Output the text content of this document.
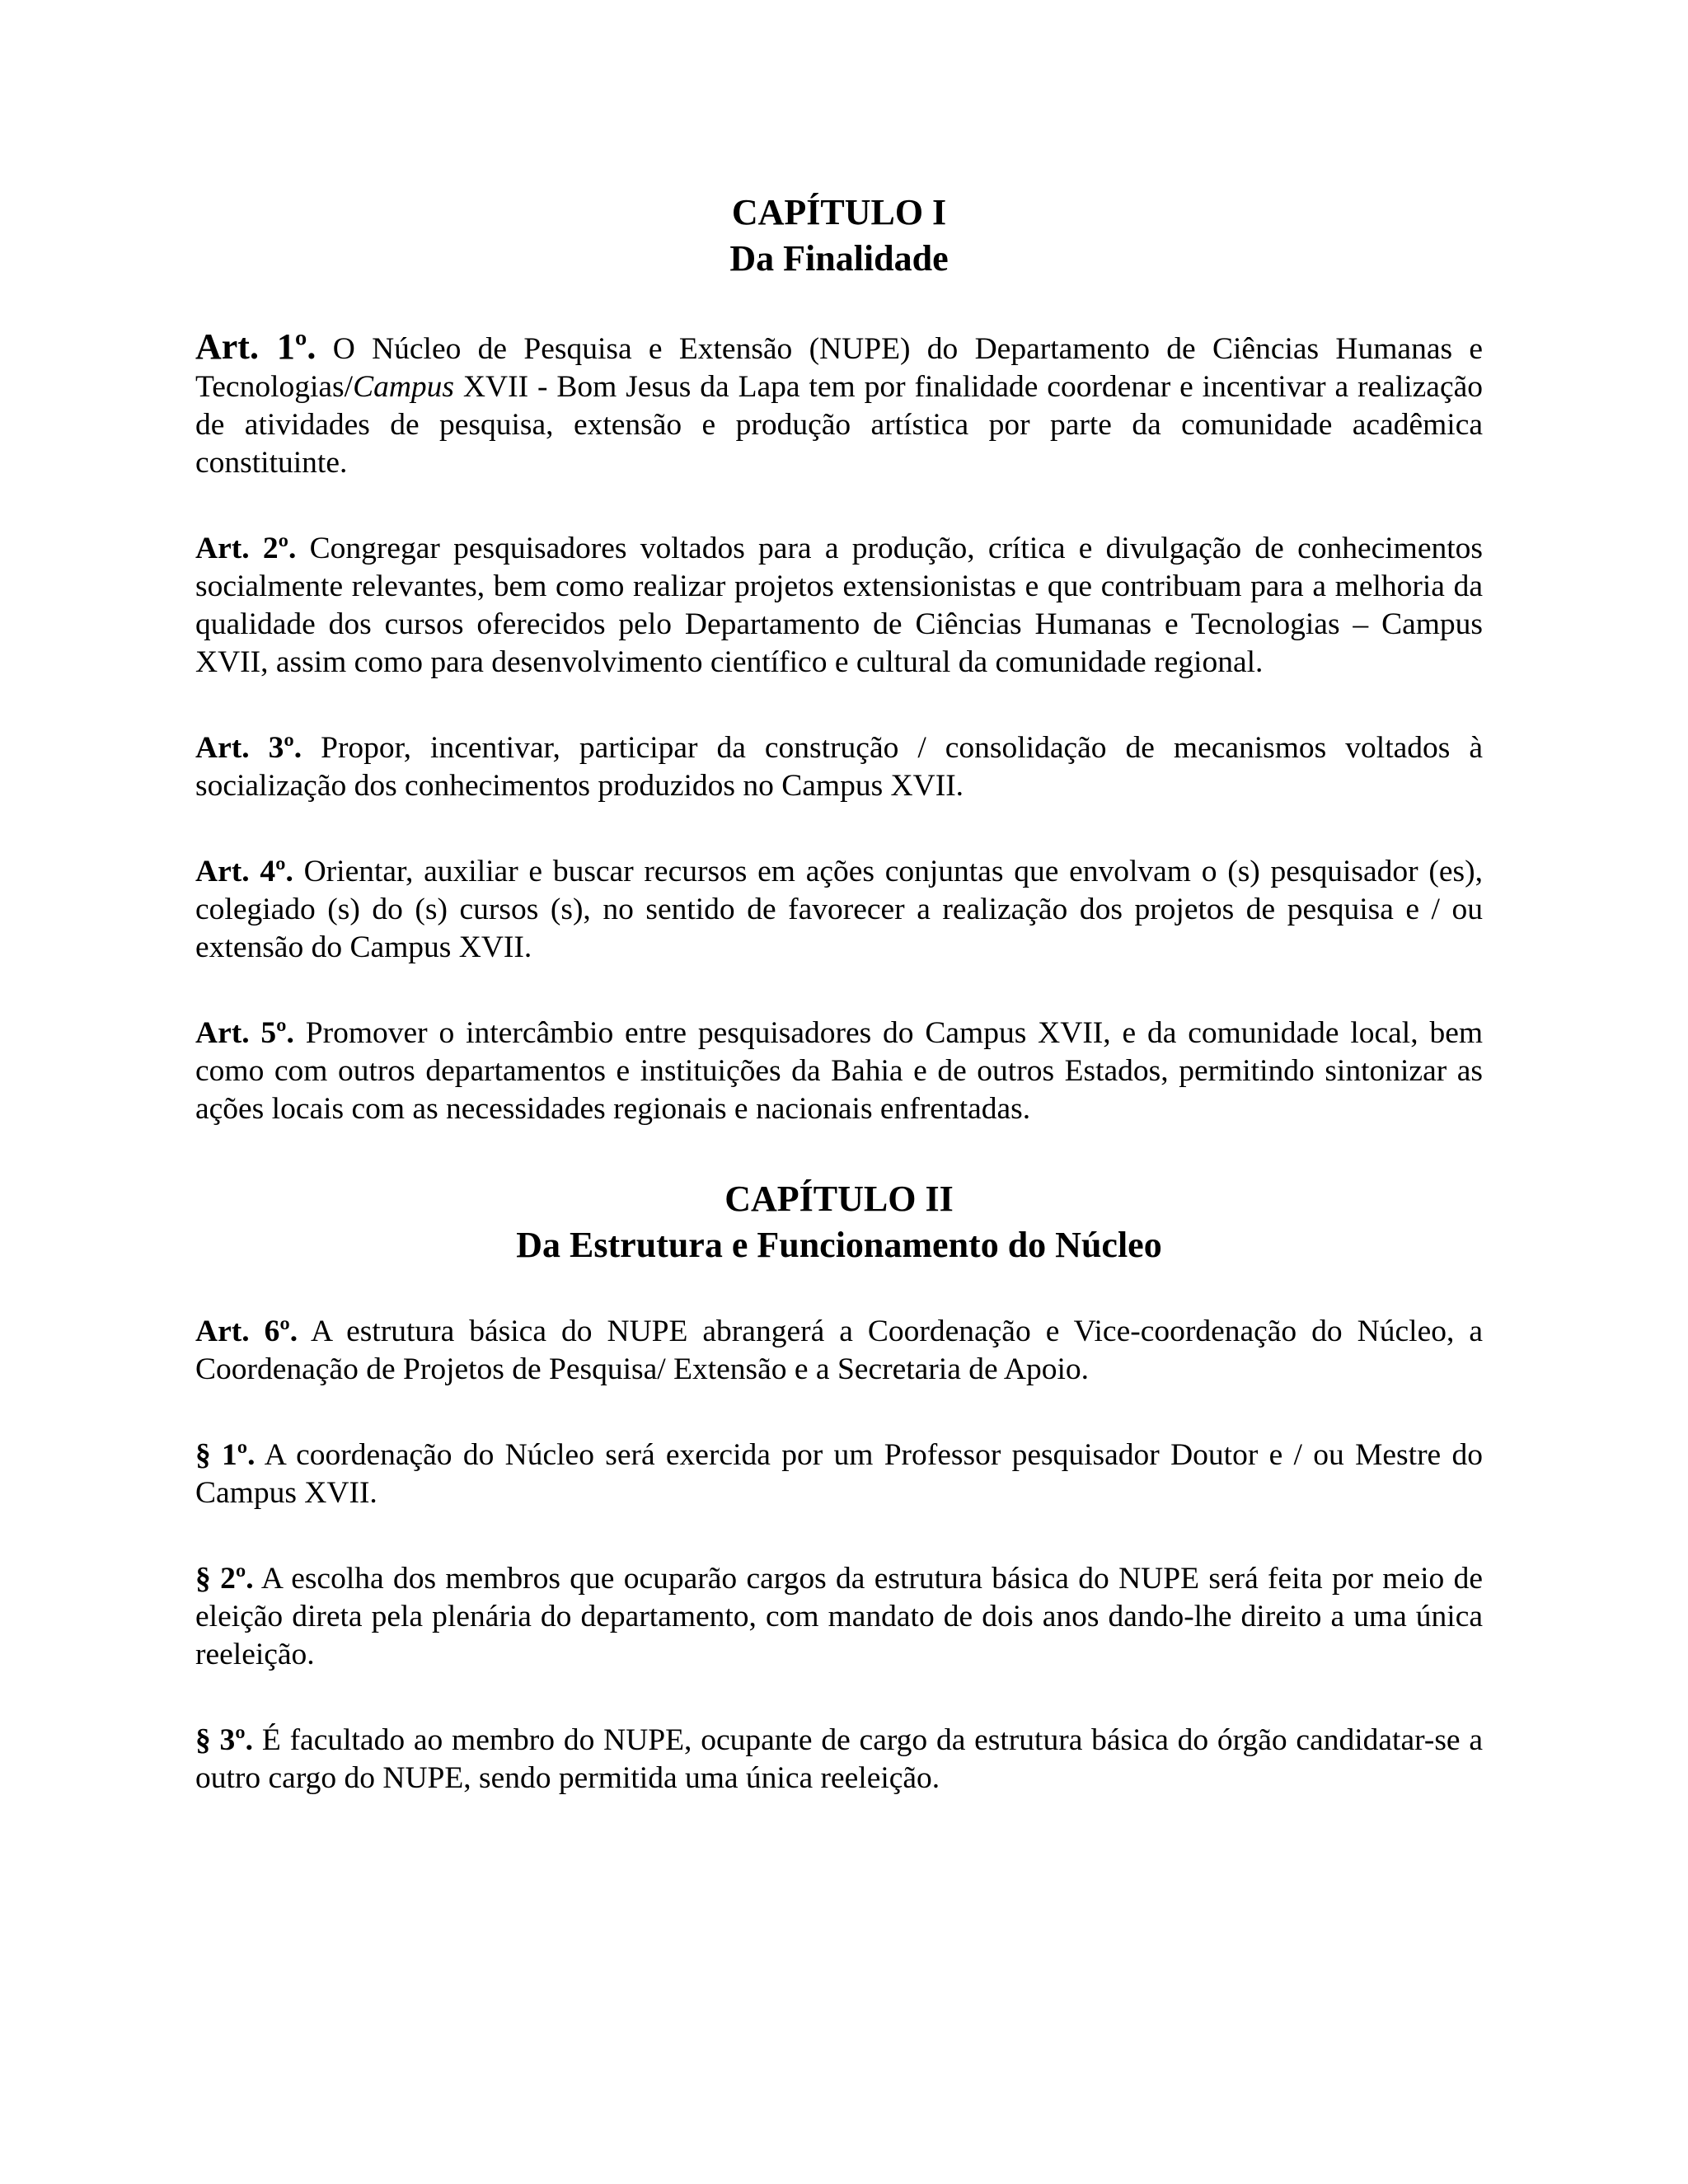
CAPÍTULO I
Da Finalidade

Art. 1º. O Núcleo de Pesquisa e Extensão (NUPE) do Departamento de Ciências Humanas e Tecnologias/Campus XVII - Bom Jesus da Lapa tem por finalidade coordenar e incentivar a realização de atividades de pesquisa, extensão e produção artística por parte da comunidade acadêmica constituinte.

Art. 2º. Congregar pesquisadores voltados para a produção, crítica e divulgação de conhecimentos socialmente relevantes, bem como realizar projetos extensionistas e que contribuam para a melhoria da qualidade dos cursos oferecidos pelo Departamento de Ciências Humanas e Tecnologias – Campus XVII, assim como para desenvolvimento científico e cultural da comunidade regional.

Art. 3º. Propor, incentivar, participar da construção / consolidação de mecanismos voltados à socialização dos conhecimentos produzidos no Campus XVII.

Art. 4º. Orientar, auxiliar e buscar recursos em ações conjuntas que envolvam o (s) pesquisador (es), colegiado (s) do (s) cursos (s), no sentido de favorecer a realização dos projetos de pesquisa e / ou extensão do Campus XVII.

Art. 5º. Promover o intercâmbio entre pesquisadores do Campus XVII, e da comunidade local, bem como com outros departamentos e instituições da Bahia e de outros Estados, permitindo sintonizar as ações locais com as necessidades regionais e nacionais enfrentadas.

CAPÍTULO II
Da Estrutura e Funcionamento do Núcleo

Art. 6º. A estrutura básica do NUPE abrangerá a Coordenação e Vice-coordenação do Núcleo, a Coordenação de Projetos de Pesquisa/ Extensão e a Secretaria de Apoio.

§ 1º. A coordenação do Núcleo será exercida por um Professor pesquisador Doutor e / ou Mestre do Campus XVII.

§ 2º. A escolha dos membros que ocuparão cargos da estrutura básica do NUPE será feita por meio de eleição direta pela plenária do departamento, com mandato de dois anos dando-lhe direito a uma única reeleição.

§ 3º. É facultado ao membro do NUPE, ocupante de cargo da estrutura básica do órgão candidatar-se a outro cargo do NUPE, sendo permitida uma única reeleição.
